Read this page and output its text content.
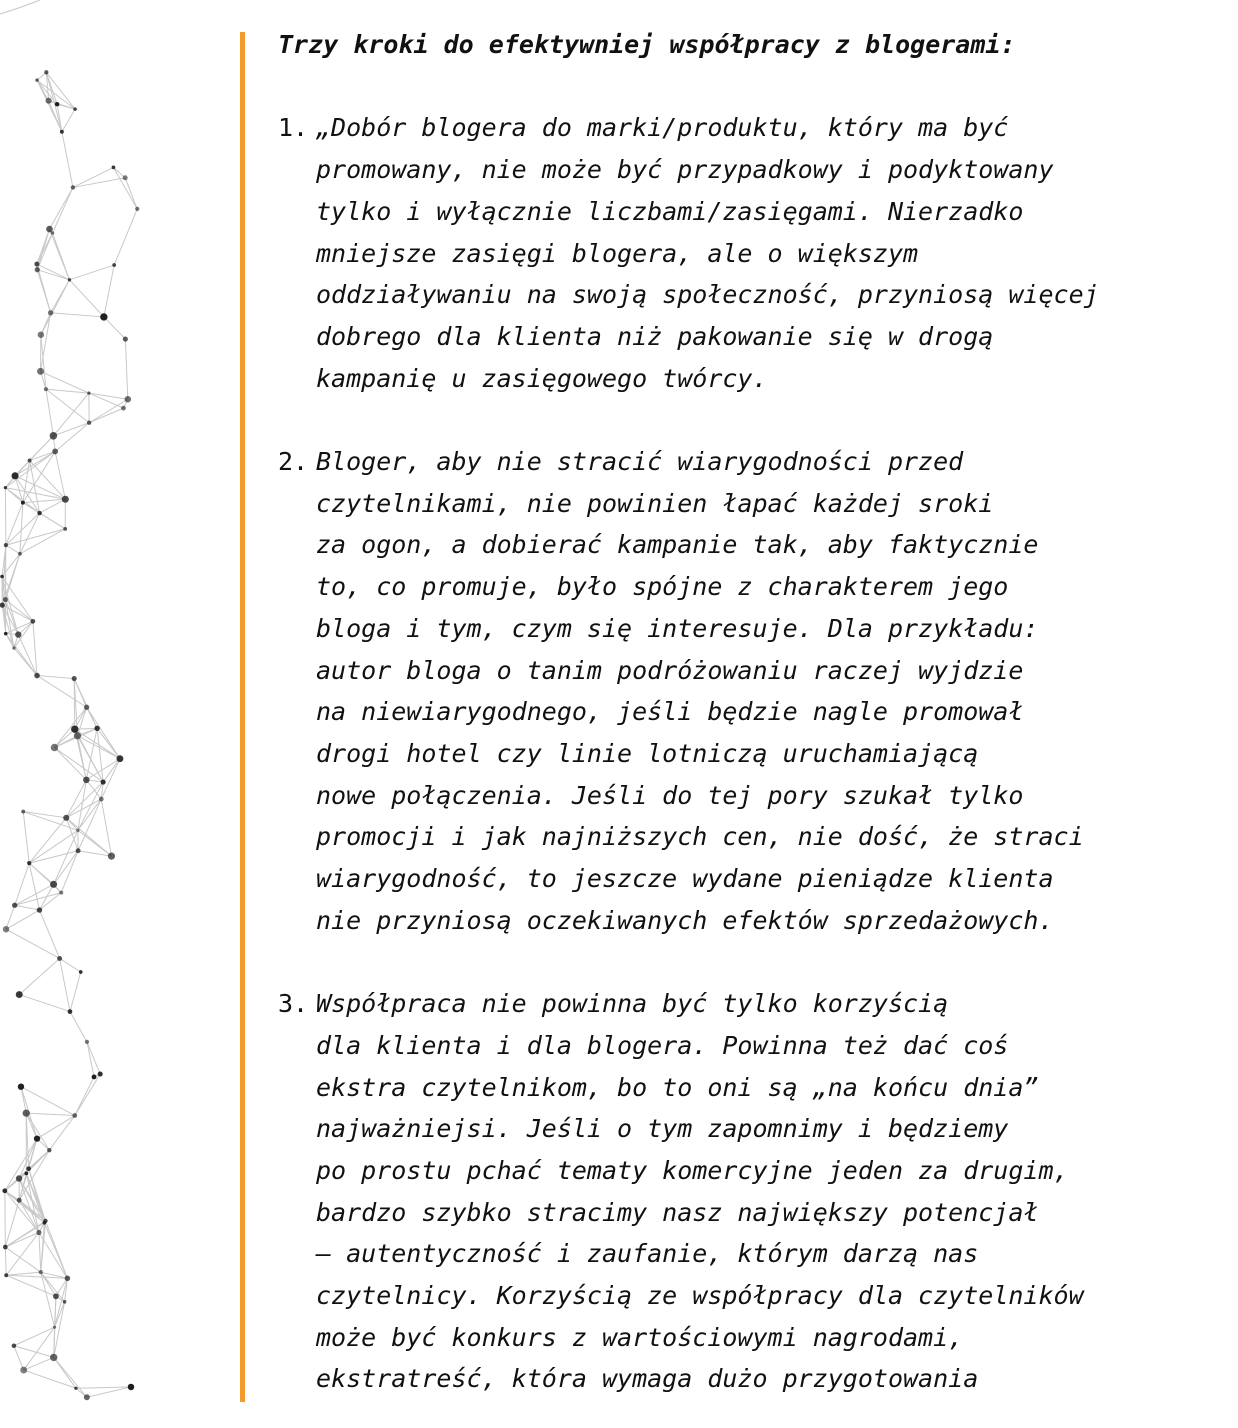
Trzy kroki do efektywniej współpracy z blogerami:
1. „Dobór blogera do marki/produktu, który ma być
promowany, nie może być przypadkowy i podyktowany
tylko i wyłącznie liczbami/zasięgami. Nierzadko
mniejsze zasięgi blogera, ale o większym
oddziaływaniu na swoją społeczność, przyniosą więcej
dobrego dla klienta niż pakowanie się w drogą
kampanię u zasięgowego twórcy.
2. Bloger, aby nie stracić wiarygodności przed
czytelnikami, nie powinien łapać każdej sroki
za ogon, a dobierać kampanie tak, aby faktycznie
to, co promuje, było spójne z charakterem jego
bloga i tym, czym się interesuje. Dla przykładu:
autor bloga o tanim podróżowaniu raczej wyjdzie
na niewiarygodnego, jeśli będzie nagle promował
drogi hotel czy linie lotniczą uruchamiającą
nowe połączenia. Jeśli do tej pory szukał tylko
promocji i jak najniższych cen, nie dość, że straci
wiarygodność, to jeszcze wydane pieniądze klienta
nie przyniosą oczekiwanych efektów sprzedażowych.
3. Współpraca nie powinna być tylko korzyścią
dla klienta i dla blogera. Powinna też dać coś
ekstra czytelnikom, bo to oni są „na końcu dnia”
najważniejsi. Jeśli o tym zapomnimy i będziemy
po prostu pchać tematy komercyjne jeden za drugim,
bardzo szybko stracimy nasz największy potencjał
– autentyczność i zaufanie, którym darzą nas
czytelnicy. Korzyścią ze współpracy dla czytelników
może być konkurs z wartościowymi nagrodami,
ekstratreść, która wymaga dużo przygotowania
